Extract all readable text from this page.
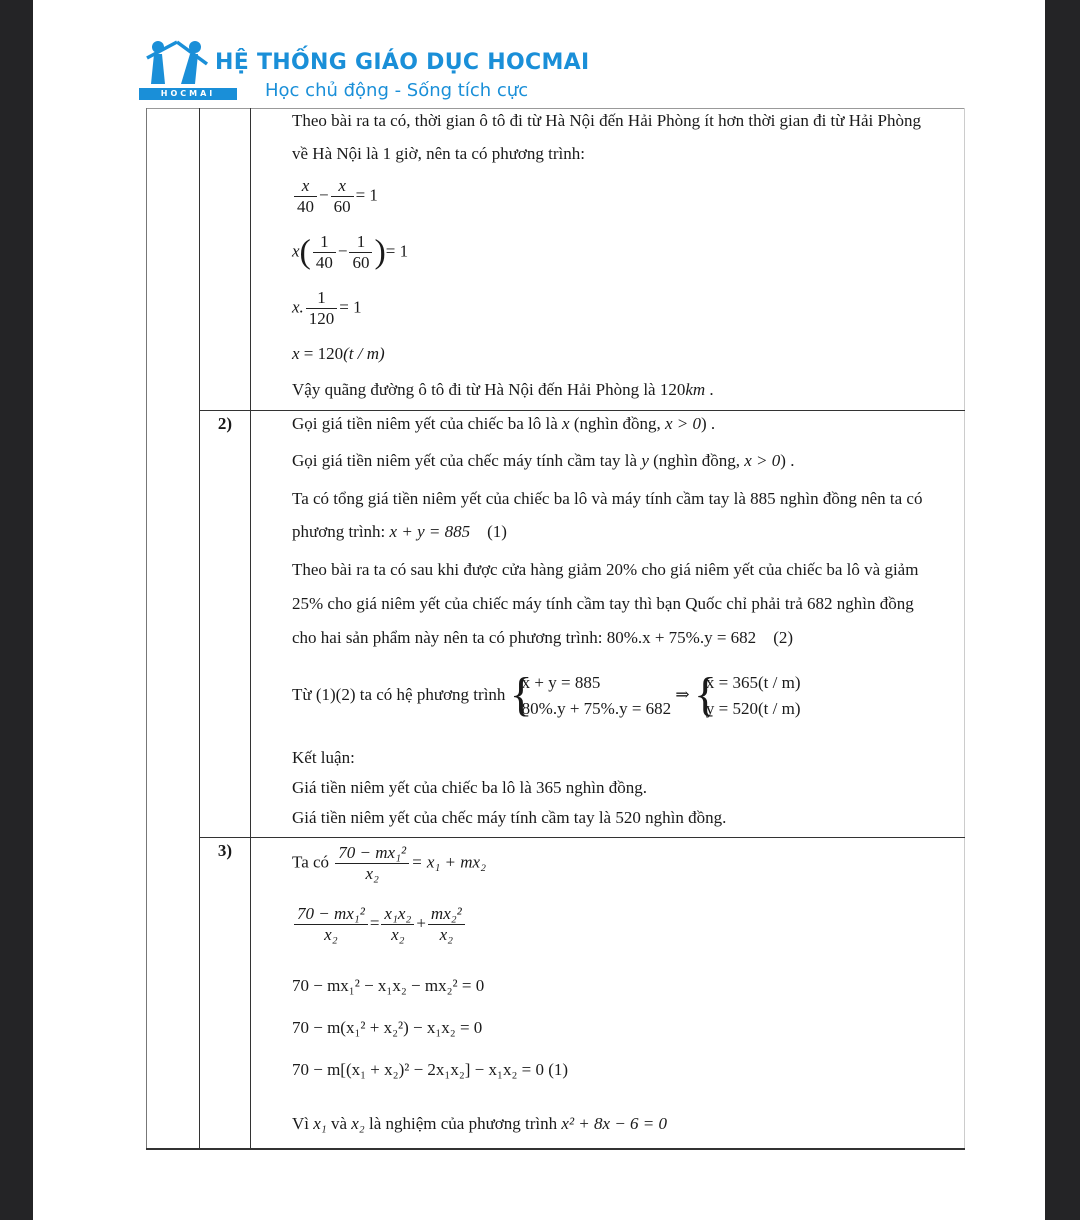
HOCMAI
HỆ THỐNG GIÁO DỤC HOCMAI
Học chủ động - Sống tích cực
Theo bài ra ta có, thời gian ô tô đi từ Hà Nội đến Hải Phòng ít hơn thời gian đi từ Hải Phòng
về Hà Nội là 1 giờ, nên ta có phương trình:
$\frac{x}{40} - \frac{x}{60} = 1$
$x( \frac{1}{40} - \frac{1}{60}$ )= 1
x. $\frac{1}{120} = 1$
x = 120(t / m)
Vậy quãng đường ô tô đi từ Hà Nội đến Hải Phòng là 120km .
2)	Gọi giá tiền niêm yết của chiếc ba lô là x (nghìn đồng, x > 0) .
Gọi giá tiền niêm yết của chếc máy tính cầm tay là y (nghìn đồng, x > 0) .
Ta có tổng giá tiền niêm yết của chiếc ba lô và máy tính cầm tay là 885 nghìn đồng nên ta có
phương trình: x + y = 885 (1)
Theo bài ra ta có sau khi được cửa hàng giảm 20% cho giá niêm yết của chiếc ba lô và giảm
25% cho giá niêm yết của chiếc máy tính cầm tay thì bạn Quốc chỉ phải trả 682 nghìn đồng
cho hai sản phẩm này nên ta có phương trình: 80%.x + 75%.y = 682 (2)
Từ (1)(2) ta có hệ phương trình {
x + y = 885
80%.y + 75%.y = 682
⇒ {
x = 365(t / m)
y = 520(t / m)
Kết luận:
Giá tiền niêm yết của chiếc ba lô là 365 nghìn đồng.
Giá tiền niêm yết của chếc máy tính cầm tay là 520 nghìn đồng.
3)
Ta có $\frac{\text{70 − mx₁²}}{\text{x₂}} = x_1 + mx_2$
$\frac{\text{70 − mx₁²}}{\text{x₂}} = \frac{\text{x₁x₂}}{\text{x₂}} + \frac{\text{mx₂²}}{\text{x₂}}$
70 − mx₁² − x₁x₂ − mx₂² = 0
70 − m(x₁² + x₂²) − x₁x₂ = 0
70 − m[(x₁ + x₂)² − 2x₁x₂] − x₁x₂ = 0 (1)
Vì x₁ và x₂ là nghiệm của phương trình x² + 8x − 6 = 0
